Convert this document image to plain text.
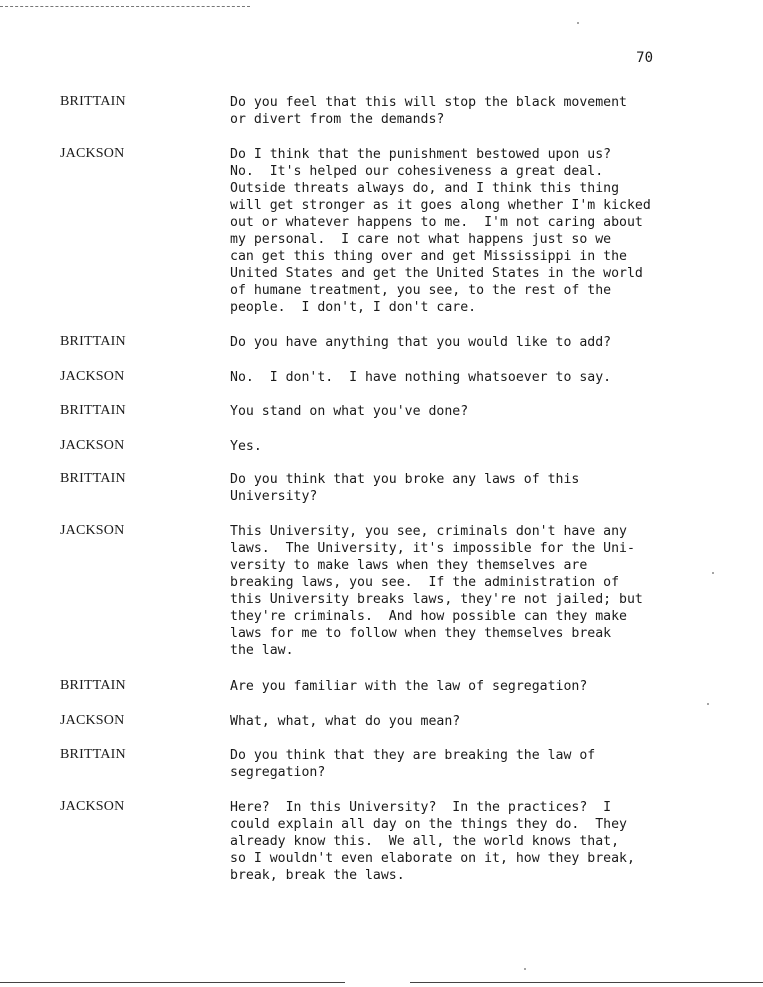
70
BRITTAIN	Do you feel that this will stop the black movement
or divert from the demands?
JACKSON	Do I think that the punishment bestowed upon us?
No.  It's helped our cohesiveness a great deal.
Outside threats always do, and I think this thing
will get stronger as it goes along whether I'm kicked
out or whatever happens to me.  I'm not caring about
my personal.  I care not what happens just so we
can get this thing over and get Mississippi in the
United States and get the United States in the world
of humane treatment, you see, to the rest of the
people.  I don't, I don't care.
BRITTAIN	Do you have anything that you would like to add?
JACKSON	No.  I don't.  I have nothing whatsoever to say.
BRITTAIN	You stand on what you've done?
JACKSON	Yes.
BRITTAIN	Do you think that you broke any laws of this
University?
JACKSON	This University, you see, criminals don't have any
laws.  The University, it's impossible for the Uni-
versity to make laws when they themselves are
breaking laws, you see.  If the administration of
this University breaks laws, they're not jailed; but
they're criminals.  And how possible can they make
laws for me to follow when they themselves break
the law.
BRITTAIN	Are you familiar with the law of segregation?
JACKSON	What, what, what do you mean?
BRITTAIN	Do you think that they are breaking the law of
segregation?
JACKSON	Here?  In this University?  In the practices?  I
could explain all day on the things they do.  They
already know this.  We all, the world knows that,
so I wouldn't even elaborate on it, how they break,
break, break the laws.
